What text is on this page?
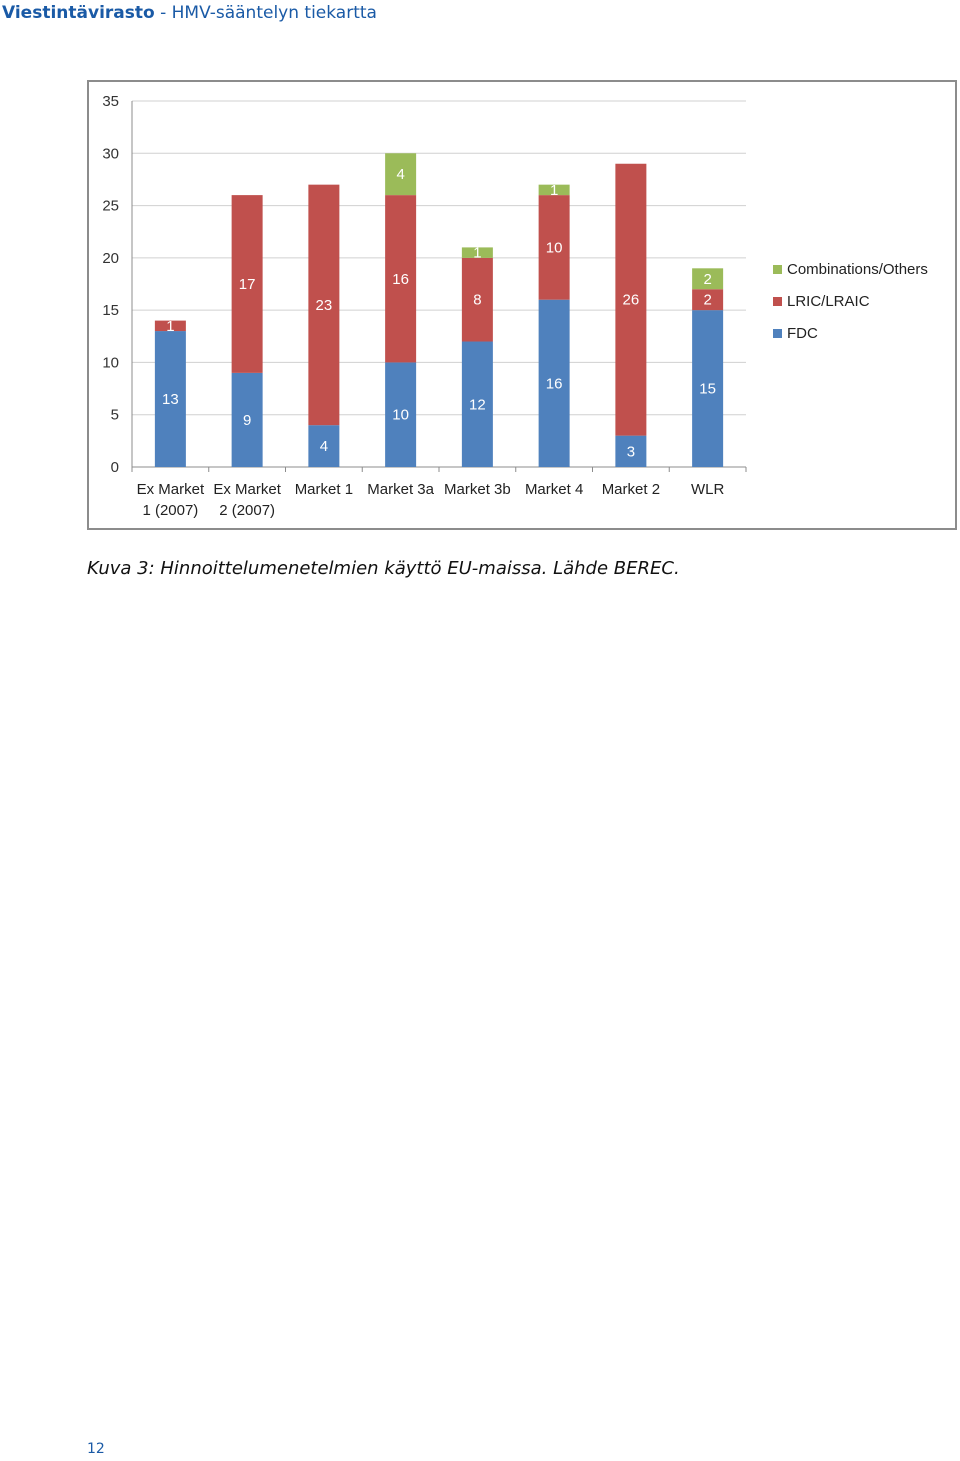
Viestintävirasto - HMV-sääntelyn tiekartta
0
5
10
15
20
25
30
35
13
1
Ex Market
1 (2007)
9
17
Ex Market
2 (2007)
4
23
Market 1
10
16
4
Market 3a
12
8
1
Market 3b
16
10
1
Market 4
3
26
Market 2
15
2
2
WLR
Combinations/Others
LRIC/LRAIC
FDC
Kuva 3: Hinnoittelumenetelmien käyttö EU-maissa. Lähde BEREC.
12
